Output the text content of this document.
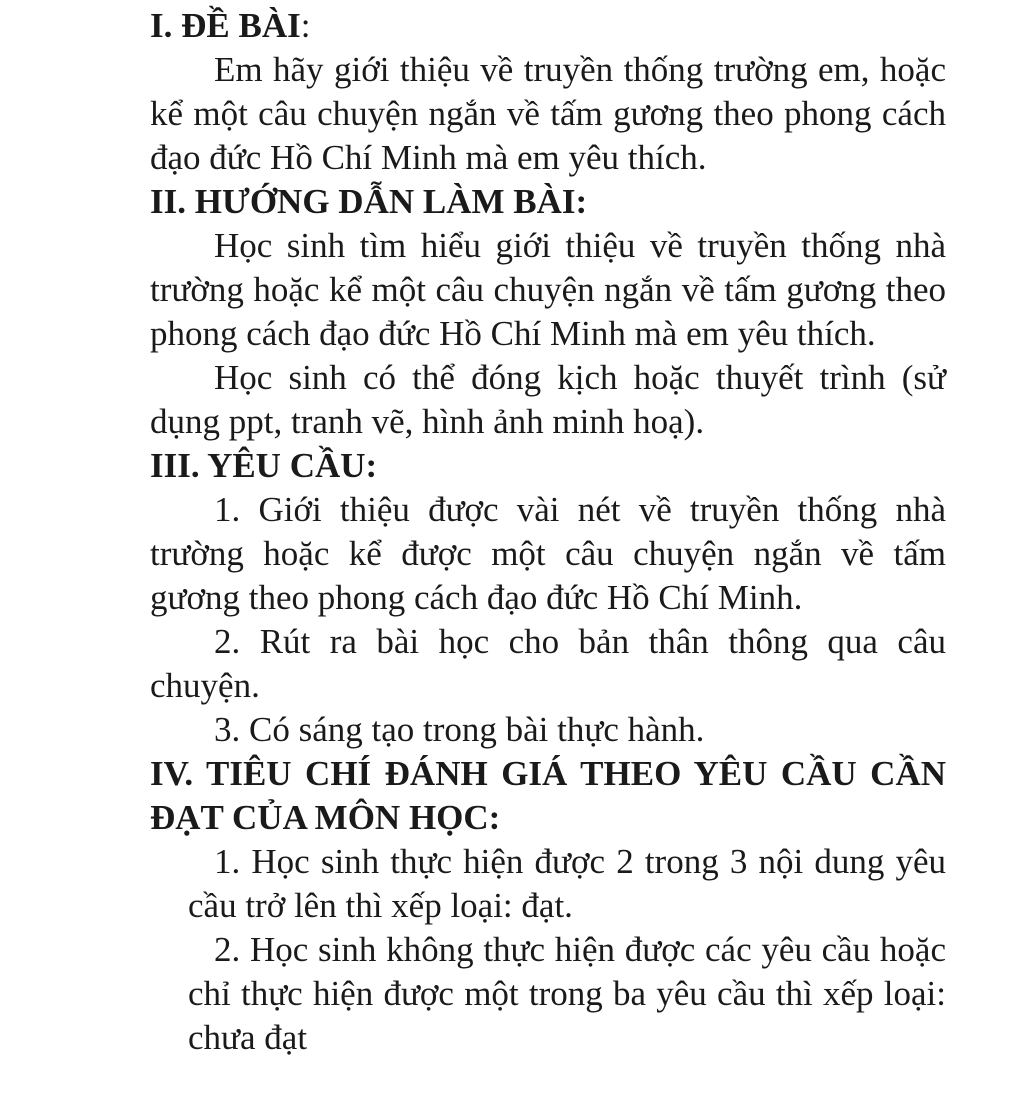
I. ĐỀ BÀI:

Em hãy giới thiệu về truyền thống trường em, hoặc kể một câu chuyện ngắn về tấm gương theo phong cách đạo đức Hồ Chí Minh mà em yêu thích.

II. HƯỚNG DẪN LÀM BÀI:

Học sinh tìm hiểu giới thiệu về truyền thống nhà trường hoặc kể một câu chuyện ngắn về tấm gương theo phong cách đạo đức Hồ Chí Minh mà em yêu thích.

Học sinh có thể đóng kịch hoặc thuyết trình (sử dụng ppt, tranh vẽ, hình ảnh minh hoạ).

III. YÊU CẦU:

1. Giới thiệu được vài nét về truyền thống nhà trường hoặc kể được một câu chuyện ngắn về tấm gương theo phong cách đạo đức Hồ Chí Minh.

2. Rút ra bài học cho bản thân thông qua câu chuyện.

3. Có sáng tạo trong bài thực hành.

IV. TIÊU CHÍ ĐÁNH GIÁ THEO YÊU CẦU CẦN ĐẠT CỦA MÔN HỌC:

1. Học sinh thực hiện được 2 trong 3 nội dung yêu cầu trở lên thì xếp loại: đạt.

2. Học sinh không thực hiện được các yêu cầu hoặc chỉ thực hiện được một trong ba yêu cầu thì xếp loại: chưa đạt
